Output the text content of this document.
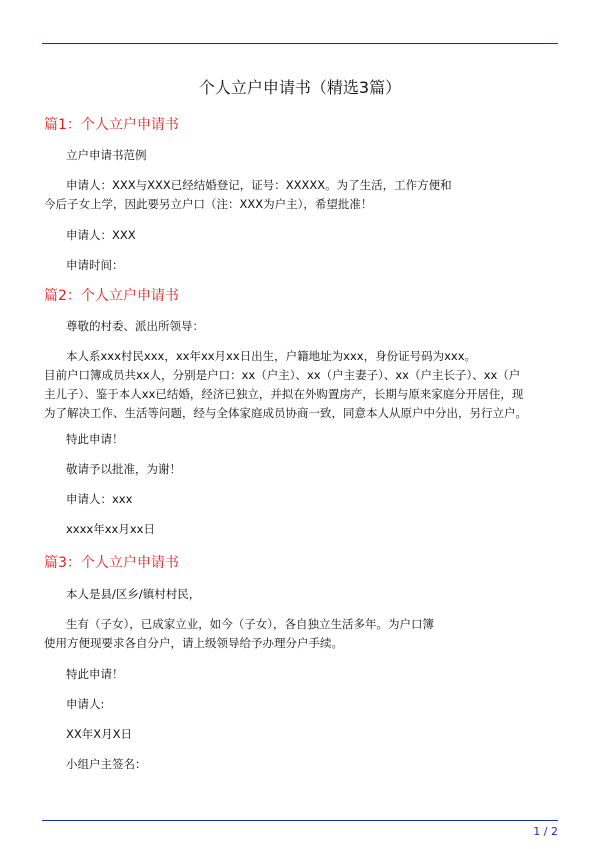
个人立户申请书（精选3篇）
篇1：个人立户申请书

立户申请书范例

申请人：XXX与XXX已经结婚登记，证号：XXXXX。为了生活，工作方便和
今后子女上学，因此要另立户口（注：XXX为户主），希望批准！

申请人：XXX

申请时间：

篇2：个人立户申请书

尊敬的村委、派出所领导：

本人系xxx村民xxx，xx年xx月xx日出生，户籍地址为xxx，身份证号码为xxx。
目前户口簿成员共xx人，分别是户口：xx（户主）、xx（户主妻子）、xx（户主长子）、xx（户
主儿子）、鉴于本人xx已结婚，经济已独立，并拟在外购置房产，长期与原来家庭分开居住，现
为了解决工作、生活等问题，经与全体家庭成员协商一致，同意本人从原户中分出，另行立户。

特此申请！

敬请予以批准，为谢！

申请人：xxx

xxxx年xx月xx日

篇3：个人立户申请书

本人是县/区乡/镇村村民，

生有（子女），已成家立业，如今（子女），各自独立生活多年。为户口簿
使用方便现要求各自分户，请上级领导给予办理分户手续。

特此申请！

申请人:

XX年X月X日

小组户主签名：

1 / 2
